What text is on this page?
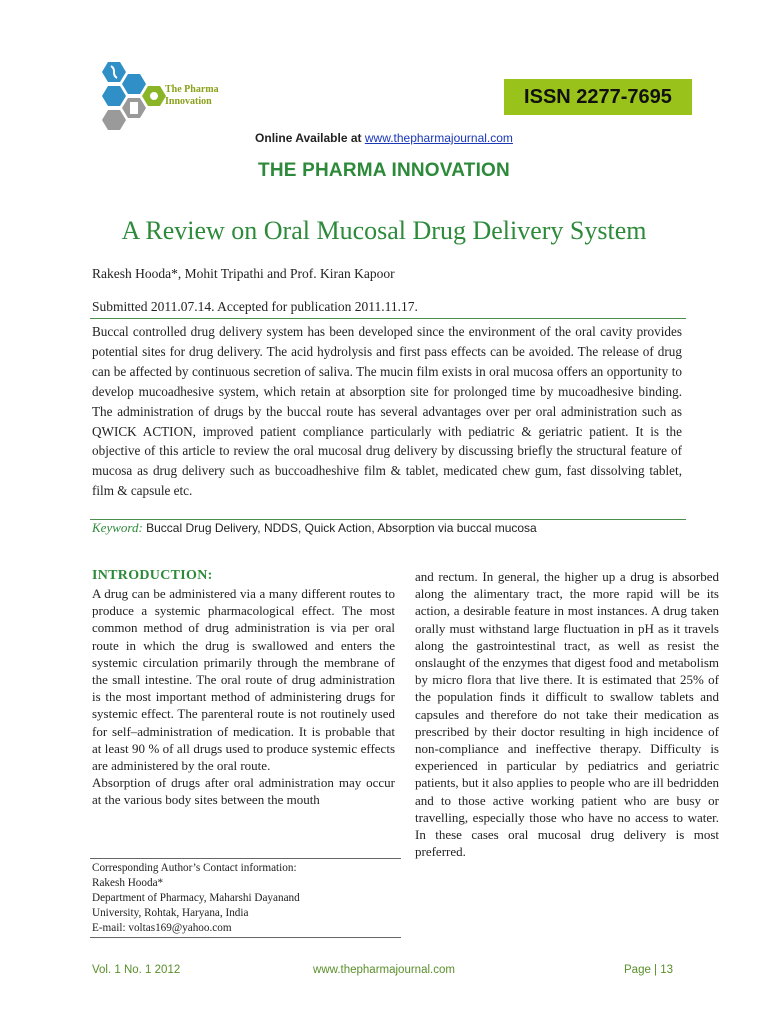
The Pharma
Innovation	ISSN 2277-7695
Online Available at www.thepharmajournal.com
THE PHARMA INNOVATION
A Review on Oral Mucosal Drug Delivery System
Rakesh Hooda*, Mohit Tripathi and Prof. Kiran Kapoor
Submitted 2011.07.14. Accepted for publication 2011.11.17.
Buccal controlled drug delivery system has been developed since the environment of the oral cavity provides potential sites for drug delivery. The acid hydrolysis and first pass effects can be avoided. The release of drug can be affected by continuous secretion of saliva. The mucin film exists in oral mucosa offers an opportunity to develop mucoadhesive system, which retain at absorption site for prolonged time by mucoadhesive binding. The administration of drugs by the buccal route has several advantages over per oral administration such as QWICK ACTION, improved patient compliance particularly with pediatric & geriatric patient. It is the objective of this article to review the oral mucosal drug delivery by discussing briefly the structural feature of mucosa as drug delivery such as buccoadheshive film & tablet, medicated chew gum, fast dissolving tablet, film & capsule etc.
Keyword: Buccal Drug Delivery, NDDS, Quick Action, Absorption via buccal mucosa
INTRODUCTION:

A drug can be administered via a many different routes to produce a systemic pharmacological effect. The most common method of drug administration is via per oral route in which the drug is swallowed and enters the systemic circulation primarily through the membrane of the small intestine. The oral route of drug administration is the most important method of administering drugs for systemic effect. The parenteral route is not routinely used for self–administration of medication. It is probable that at least 90 % of all drugs used to produce systemic effects are administered by the oral route.

Absorption of drugs after oral administration may occur at the various body sites between the mouth

and rectum. In general, the higher up a drug is absorbed along the alimentary tract, the more rapid will be its action, a desirable feature in most instances. A drug taken orally must withstand large fluctuation in pH as it travels along the gastrointestinal tract, as well as resist the onslaught of the enzymes that digest food and metabolism by micro flora that live there. It is estimated that 25% of the population finds it difficult to swallow tablets and capsules and therefore do not take their medication as prescribed by their doctor resulting in high incidence of non-compliance and ineffective therapy. Difficulty is experienced in particular by pediatrics and geriatric patients, but it also applies to people who are ill bedridden and to those active working patient who are busy or travelling, especially those who have no access to water. In these cases oral mucosal drug delivery is most preferred.

Corresponding Author’s Contact information:
Rakesh Hooda*
Department of Pharmacy, Maharshi Dayanand
University, Rohtak, Haryana, India
E-mail: voltas169@yahoo.com
Vol. 1 No. 1 2012	www.thepharmajournal.com	Page | 13
